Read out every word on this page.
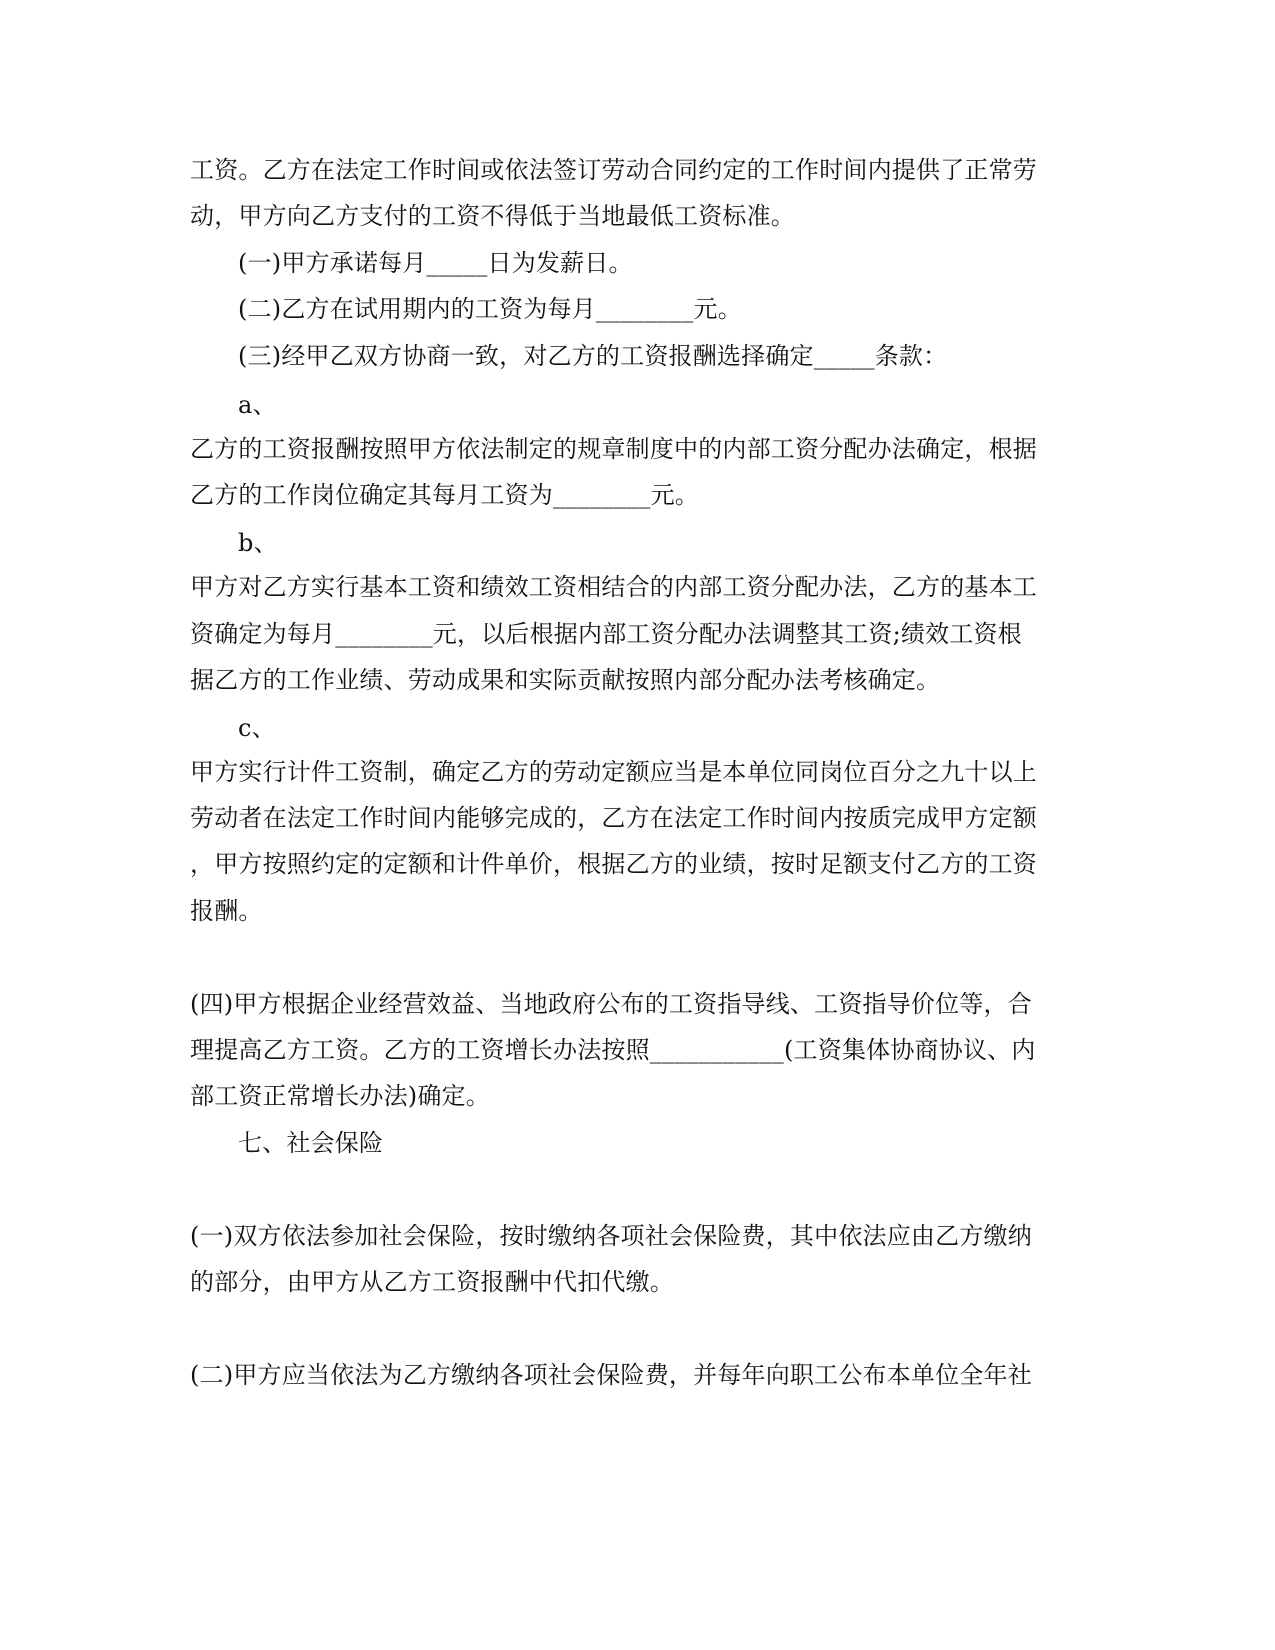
工资。乙方在法定工作时间或依法签订劳动合同约定的工作时间内提供了正常劳
动，甲方向乙方支付的工资不得低于当地最低工资标准。
(一)甲方承诺每月_____日为发薪日。
(二)乙方在试用期内的工资为每月________元。
(三)经甲乙双方协商一致，对乙方的工资报酬选择确定_____条款：
a、
乙方的工资报酬按照甲方依法制定的规章制度中的内部工资分配办法确定，根据
乙方的工作岗位确定其每月工资为________元。
b、
甲方对乙方实行基本工资和绩效工资相结合的内部工资分配办法，乙方的基本工
资确定为每月________元，以后根据内部工资分配办法调整其工资;绩效工资根
据乙方的工作业绩、劳动成果和实际贡献按照内部分配办法考核确定。
c、
甲方实行计件工资制，确定乙方的劳动定额应当是本单位同岗位百分之九十以上
劳动者在法定工作时间内能够完成的，乙方在法定工作时间内按质完成甲方定额
，甲方按照约定的定额和计件单价，根据乙方的业绩，按时足额支付乙方的工资
报酬。
(四)甲方根据企业经营效益、当地政府公布的工资指导线、工资指导价位等，合
理提高乙方工资。乙方的工资增长办法按照___________(工资集体协商协议、内
部工资正常增长办法)确定。
七、社会保险
(一)双方依法参加社会保险，按时缴纳各项社会保险费，其中依法应由乙方缴纳
的部分，由甲方从乙方工资报酬中代扣代缴。
(二)甲方应当依法为乙方缴纳各项社会保险费，并每年向职工公布本单位全年社
